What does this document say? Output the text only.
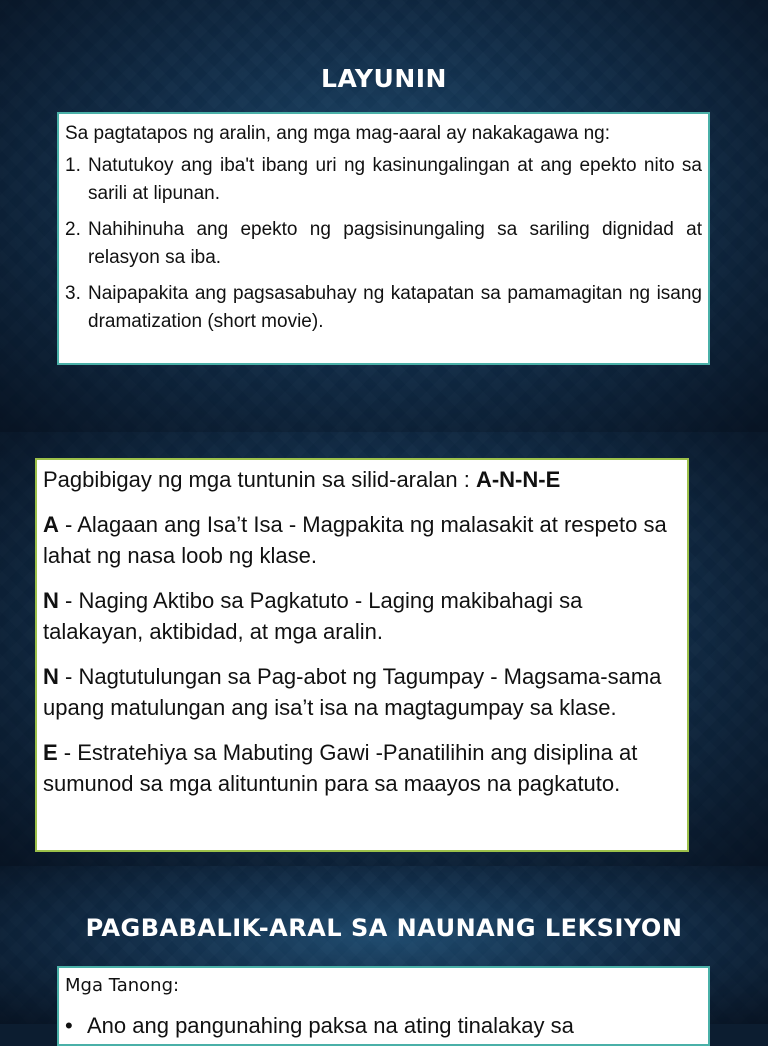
LAYUNIN

Sa pagtatapos ng aralin, ang mga mag-aaral ay nakakagawa ng:

1. Natutukoy ang iba't ibang uri ng kasinungalingan at ang epekto nito sa sarili at lipunan.
2. Nahihinuha ang epekto ng pagsisinungaling sa sariling dignidad at relasyon sa iba.
3. Naipapakita ang pagsasabuhay ng katapatan sa pamamagitan ng isang dramatization (short movie).

Pagbibigay ng mga tuntunin sa silid-aralan : A-N-N-E

A - Alagaan ang Isa’t Isa - Magpakita ng malasakit at respeto sa lahat ng nasa loob ng klase.

N - Naging Aktibo sa Pagkatuto - Laging makibahagi sa talakayan, aktibidad, at mga aralin.

N - Nagtutulungan sa Pag-abot ng Tagumpay - Magsama-sama upang matulungan ang isa’t isa na magtagumpay sa klase.

E - Estratehiya sa Mabuting Gawi -Panatilihin ang disiplina at sumunod sa mga alituntunin para sa maayos na pagkatuto.

PAGBABALIK-ARAL SA NAUNANG LEKSIYON
Mga Tanong:
• Ano ang pangunahing paksa na ating tinalakay sa
